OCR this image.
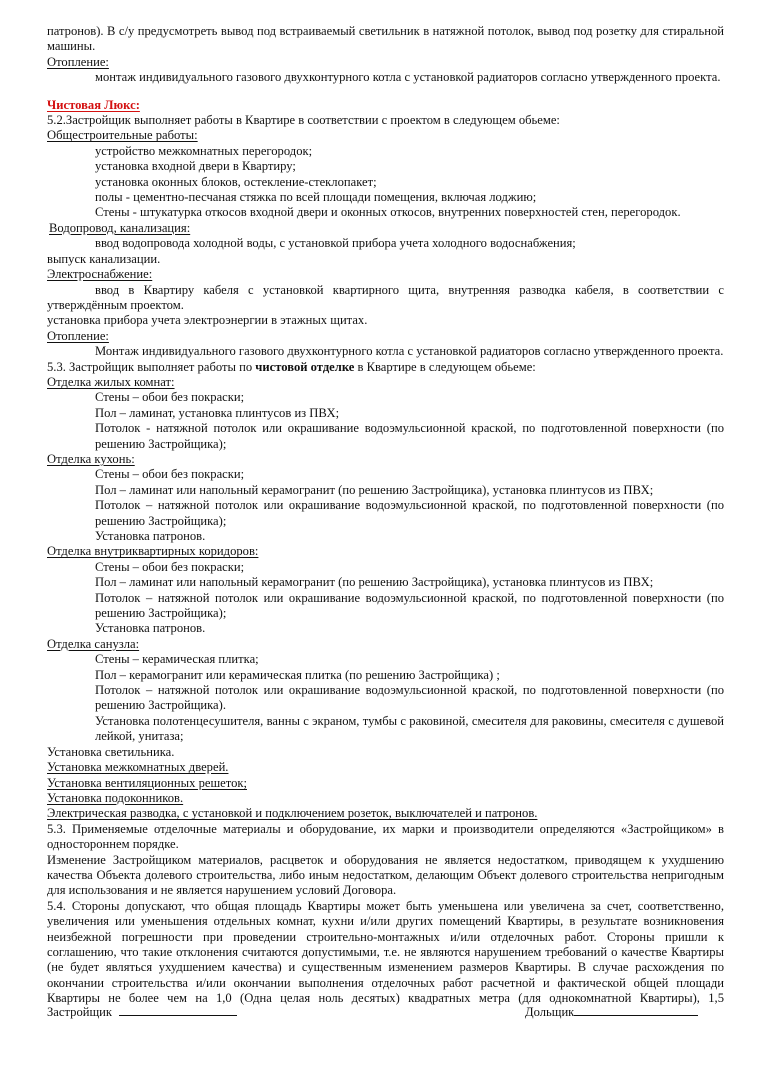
патронов). В с/у предусмотреть вывод под встраиваемый светильник в натяжной потолок, вывод под розетку для стиральной машины.

Отопление:

монтаж индивидуального газового двухконтурного котла с установкой радиаторов согласно утвержденного проекта.

Чистовая Люкс:

5.2.Застройщик выполняет работы в Квартире в соответствии с проектом в следующем обьеме:

Общестроительные работы:

устройство межкомнатных перегородок;

установка входной двери в Квартиру;

установка оконных блоков, остекление-стеклопакет;

полы - цементно-песчаная стяжка по всей площади помещения, включая лоджию;

Стены - штукатурка откосов входной двери и оконных откосов, внутренних поверхностей стен, перегородок.

Водопровод, канализация:

ввод водопровода холодной воды, с установкой прибора учета холодного водоснабжения;

выпуск канализации.

Электроснабжение:

ввод в Квартиру кабеля с установкой квартирного щита, внутренняя разводка кабеля, в соответствии с утверждённым проектом.

установка прибора учета электроэнергии в этажных щитах.

Отопление:

Монтаж индивидуального газового двухконтурного котла с установкой радиаторов согласно утвержденного проекта.

5.3. Застройщик выполняет работы по чистовой отделке в Квартире в следующем обьеме:

Отделка жилых комнат:

Стены – обои без покраски;

Пол – ламинат, установка плинтусов из ПВХ;

Потолок - натяжной потолок или окрашивание водоэмульсионной краской, по подготовленной поверхности (по решению Застройщика);

Отделка кухонь:

Стены – обои без покраски;

Пол – ламинат или напольный керамогранит (по решению Застройщика), установка плинтусов из ПВХ;

Потолок – натяжной потолок или окрашивание водоэмульсионной краской, по подготовленной поверхности (по решению Застройщика);

Установка патронов.

Отделка внутриквартирных коридоров:

Стены – обои без покраски;

Пол – ламинат или напольный керамогранит (по решению Застройщика), установка плинтусов из ПВХ;

Потолок – натяжной потолок или окрашивание водоэмульсионной краской, по подготовленной поверхности (по решению Застройщика);

Установка патронов.

Отделка санузла:

Стены – керамическая плитка;

Пол – керамогранит или керамическая плитка (по решению Застройщика) ;

Потолок – натяжной потолок или окрашивание водоэмульсионной краской, по подготовленной поверхности (по решению Застройщика).

Установка полотенцесушителя, ванны с экраном, тумбы с раковиной, смесителя для раковины, смесителя с душевой лейкой, унитаза;

Установка светильника.

Установка межкомнатных дверей.

Установка вентиляционных решеток;

Установка подоконников.

Электрическая разводка, с установкой и подключением розеток, выключателей и патронов.

5.3. Применяемые отделочные материалы и оборудование, их марки и производители определяются «Застройщиком» в одностороннем порядке.

Изменение Застройщиком материалов, расцветок и оборудования не является недостатком, приводящем к ухудшению качества Объекта долевого строительства, либо иным недостатком, делающим Объект долевого строительства непригодным для использования и не является нарушением условий Договора.

5.4. Стороны допускают, что общая площадь Квартиры может быть уменьшена или увеличена за счет, соответственно, увеличения или уменьшения отдельных комнат, кухни и/или других помещений Квартиры, в результате возникновения неизбежной погрешности при проведении строительно-монтажных и/или отделочных работ. Стороны пришли к соглашению, что такие отклонения считаются допустимыми, т.е. не являются нарушением требований о качестве Квартиры (не будет являться ухудшением качества) и существенным изменением размеров Квартиры. В случае расхождения по окончании строительства и/или окончании выполнения отделочных работ расчетной и фактической общей площади Квартиры не более чем на 1,0 (Одна целая ноль десятых) квадратных метра (для однокомнатной Квартиры), 1,5

Застройщик	Дольщик
